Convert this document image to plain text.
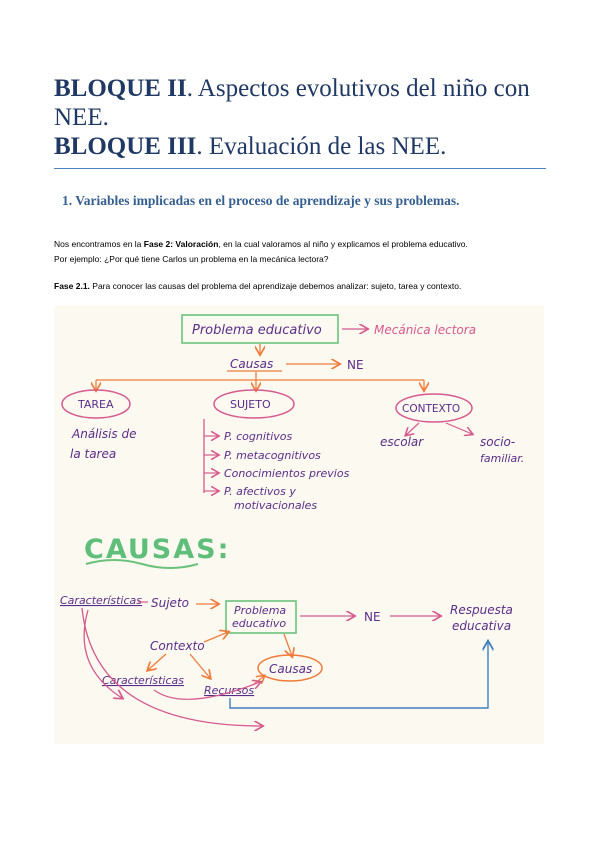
BLOQUE II. Aspectos evolutivos del niño con NEE.
BLOQUE III. Evaluación de las NEE.
1. Variables implicadas en el proceso de aprendizaje y sus problemas.
Nos encontramos en la Fase 2: Valoración, en la cual valoramos al niño y explicamos el problema educativo.
Por ejemplo: ¿Por qué tiene Carlos un problema en la mecánica lectora?
Fase 2.1. Para conocer las causas del problema del aprendizaje debemos analizar: sujeto, tarea y contexto.
Problema educativo	Mecánica lectora
Causas	NE
TAREA	SUJETO	CONTEXTO
Análisis de
la tarea
P. cognitivos
P. metacognitivos
Conocimientos previos
P. afectivos y
motivacionales
escolar	socio-
familiar.
CAUSAS:
Características Sujeto
Problema
educativo	NE	Respuesta
educativa
Contexto
Características
Recursos
Causas
